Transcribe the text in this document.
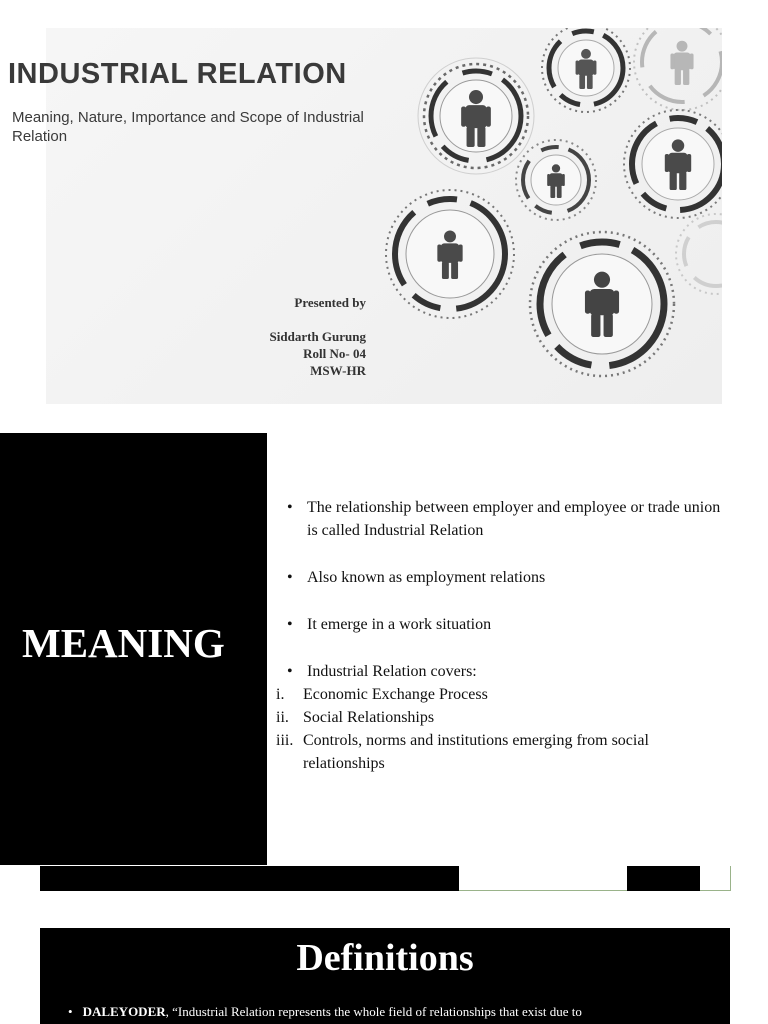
INDUSTRIAL RELATION

Meaning, Nature, Importance and Scope of Industrial Relation

Presented by
Siddarth Gurung
Roll No- 04
MSW-HR
MEANING
• The relationship between employer and employee or trade union is called Industrial Relation
• Also known as employment relations
• It emerge in a work situation
• Industrial Relation covers:
i. Economic Exchange Process
ii. Social Relationships
iii. Controls, norms and institutions emerging from social relationships
Definitions
• DALEYODER, “Industrial Relation represents the whole field of relationships that exist due to
